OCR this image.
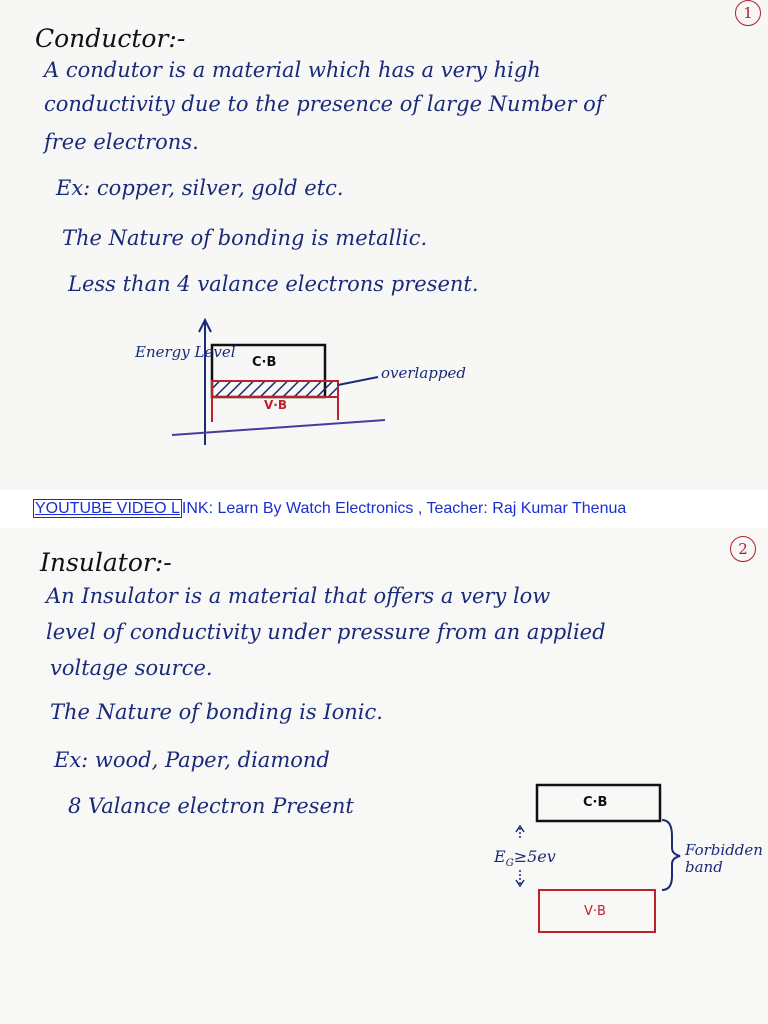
1
Conductor:-
A condutor is a material which has a very high
conductivity due to the presence of large Number of
free electrons.
Ex: copper, silver, gold etc.
The Nature of bonding is metallic.
Less than 4 valance electrons present.
Energy Level
C·B
V·B
overlapped
YOUTUBE VIDEO L INK: Learn By Watch Electronics , Teacher: Raj Kumar Thenua
2
Insulator:-
An Insulator is a material that offers a very low
level of conductivity under pressure from an applied
voltage source.
The Nature of bonding is Ionic.
Ex: wood, Paper, diamond
8 Valance electron Present	C·B
V·B
$E_G\ge 5ev$	Forbidden
band
